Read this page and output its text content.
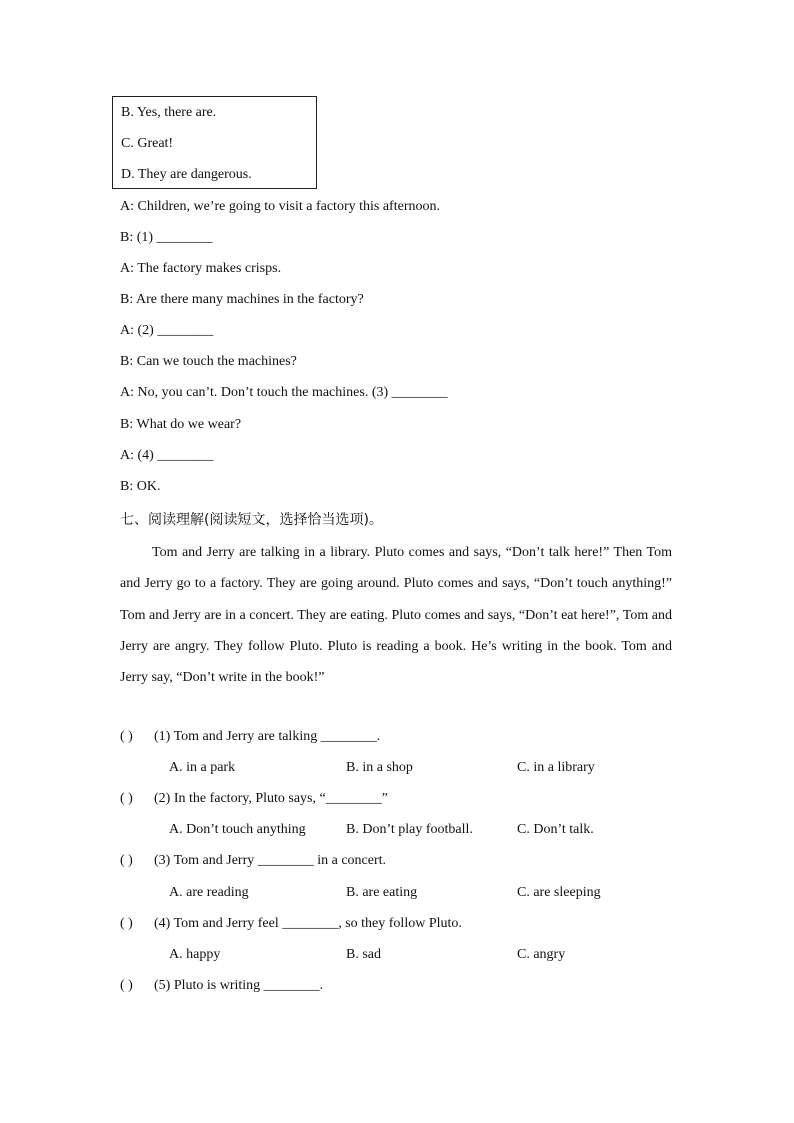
B. Yes, there are.
C. Great!
D. They are dangerous.
A: Children, we’re going to visit a factory this afternoon.
B: (1) ________
A: The factory makes crisps.
B: Are there many machines in the factory?
A: (2) ________
B: Can we touch the machines?
A: No, you can’t. Don’t touch the machines. (3) ________
B: What do we wear?
A: (4) ________
B: OK.
七、阅读理解(阅读短文，选择恰当选项)。
Tom and Jerry are talking in a library. Pluto comes and says, “Don’t talk here!” Then Tom and Jerry go to a factory. They are going around. Pluto comes and says, “Don’t touch anything!” Tom and Jerry are in a concert. They are eating. Pluto comes and says, “Don’t eat here!”, Tom and Jerry are angry. They follow Pluto. Pluto is reading a book. He’s writing in the book. Tom and Jerry say, “Don’t write in the book!”
( ) (1) Tom and Jerry are talking ________.
A. in a park	B. in a shop	C. in a library
( ) (2) In the factory, Pluto says, “________”
A. Don’t touch anything	B. Don’t play football.	C. Don’t talk.
( ) (3) Tom and Jerry ________ in a concert.
A. are reading	B. are eating	C. are sleeping
( ) (4) Tom and Jerry feel ________, so they follow Pluto.
A. happy	B. sad	C. angry
( ) (5) Pluto is writing ________.
